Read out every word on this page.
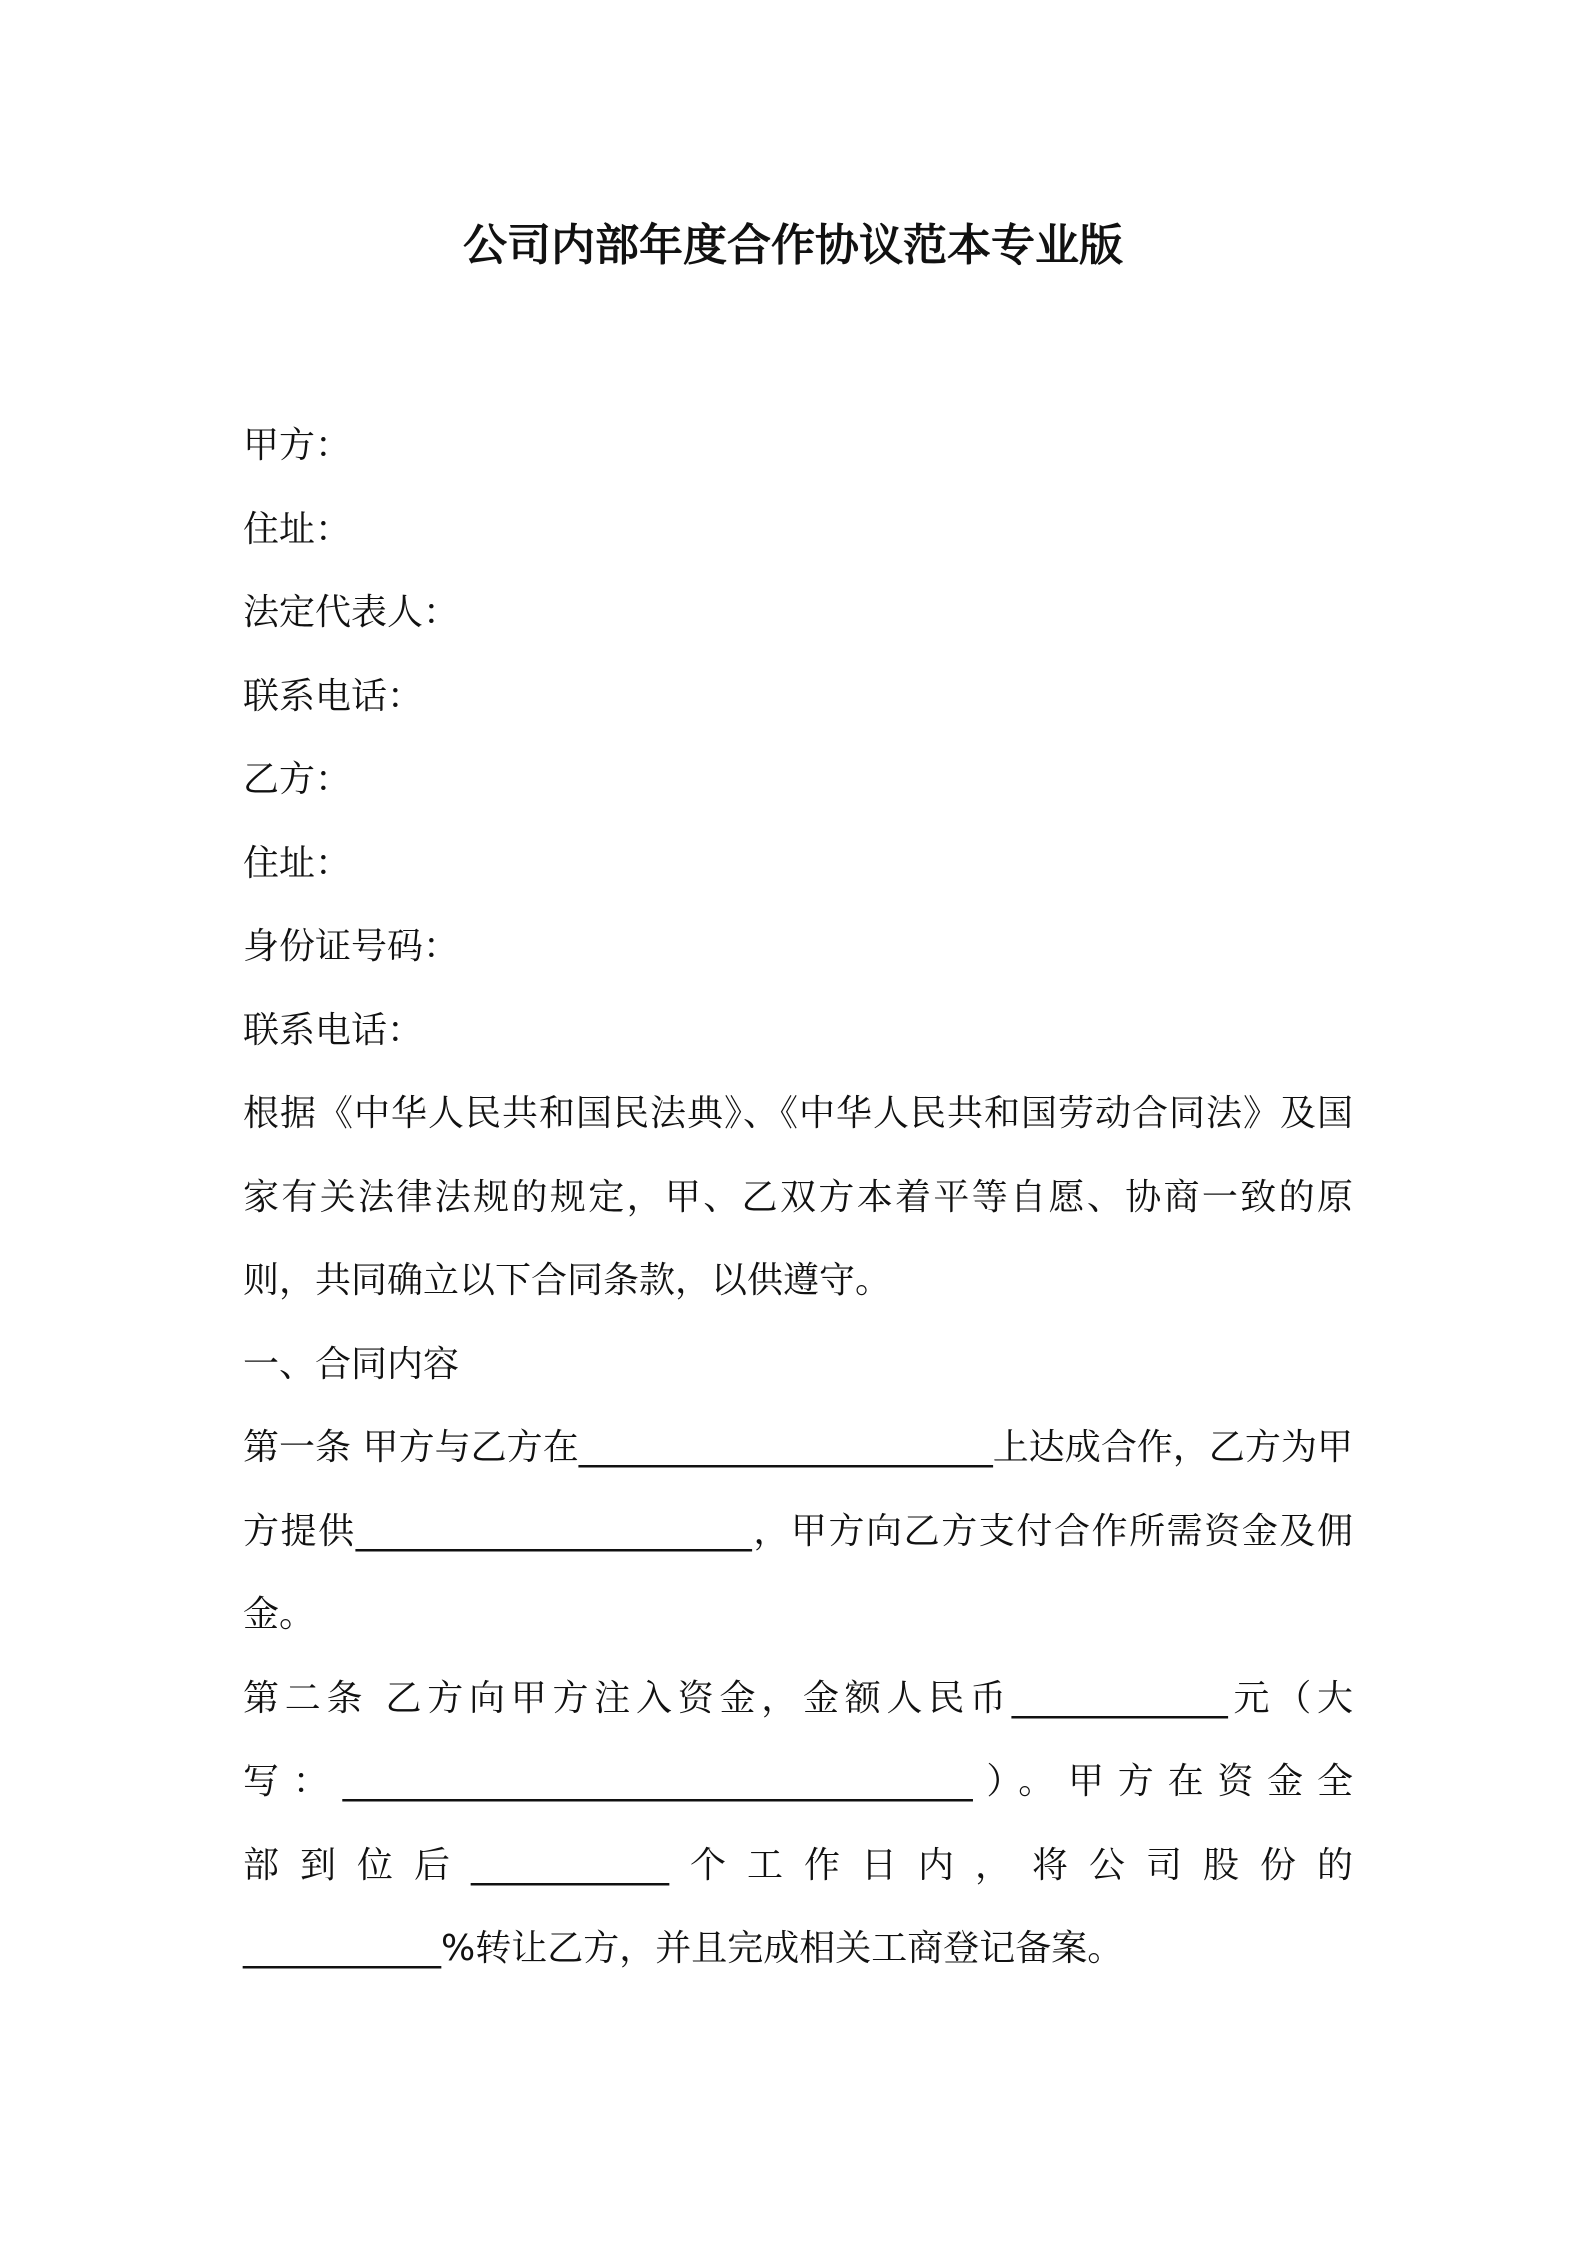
公司内部年度合作协议范本专业版

甲方：

住址：

法定代表人：

联系电话：

乙方：

住址：

身份证号码：

联系电话：

根据《中华人民共和国民法典》、《中华人民共和国劳动合同法》及国家有关法律法规的规定，甲、乙双方本着平等自愿、协商一致的原则，共同确立以下合同条款，以供遵守。

一、合同内容

第一条 甲方与乙方在_______________________上达成合作，乙方为甲方提供______________________，甲方向乙方支付合作所需资金及佣金。

第二条 乙方向甲方注入资金，金额人民币____________元（大

写：___________________________________）。甲方在资金全

部 到 位 后 ___________ 个 工 作 日 内 ， 将 公 司 股 份 的

___________%转让乙方，并且完成相关工商登记备案。
